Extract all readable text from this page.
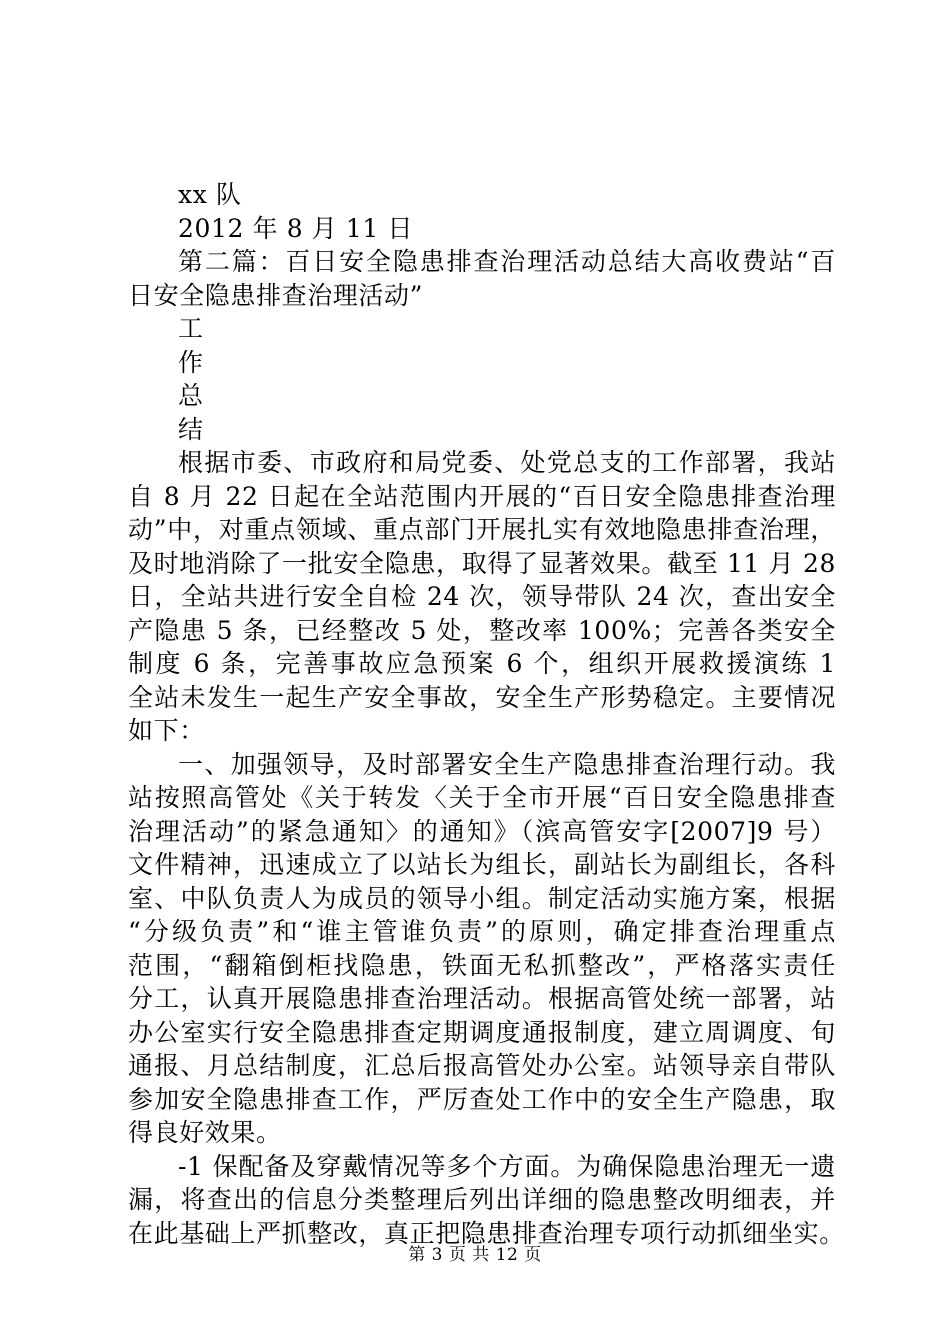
xx 队
2012 年 8 月 11 日
第二篇：百日安全隐患排查治理活动总结大高收费站“百
日安全隐患排查治理活动”
工
作
总
结
根据市委、市政府和局党委、处党总支的工作部署，我站
自 8 月 22 日起在全站范围内开展的“百日安全隐患排查治理
动”中，对重点领域、重点部门开展扎实有效地隐患排查治理，
及时地消除了一批安全隐患，取得了显著效果。截至 11 月 28
日，全站共进行安全自检 24 次，领导带队 24 次，查出安全
产隐患 5 条，已经整改 5 处，整改率 100%；完善各类安全
制度 6 条，完善事故应急预案 6 个，组织开展救援演练 1
全站未发生一起生产安全事故，安全生产形势稳定。主要情况
如下：
一、加强领导，及时部署安全生产隐患排查治理行动。我
站按照高管处《关于转发〈关于全市开展“百日安全隐患排查
治理活动”的紧急通知〉的通知》（滨高管安字[2007]9 号）
文件精神，迅速成立了以站长为组长，副站长为副组长，各科
室、中队负责人为成员的领导小组。制定活动实施方案，根据
“分级负责”和“谁主管谁负责”的原则，确定排查治理重点
范围，“翻箱倒柜找隐患，铁面无私抓整改”，严格落实责任
分工，认真开展隐患排查治理活动。根据高管处统一部署，站
办公室实行安全隐患排查定期调度通报制度，建立周调度、旬
通报、月总结制度，汇总后报高管处办公室。站领导亲自带队
参加安全隐患排查工作，严厉查处工作中的安全生产隐患，取
得良好效果。
-1 保配备及穿戴情况等多个方面。为确保隐患治理无一遗
漏，将查出的信息分类整理后列出详细的隐患整改明细表，并
在此基础上严抓整改，真正把隐患排查治理专项行动抓细坐实。
第 3 页 共 12 页
